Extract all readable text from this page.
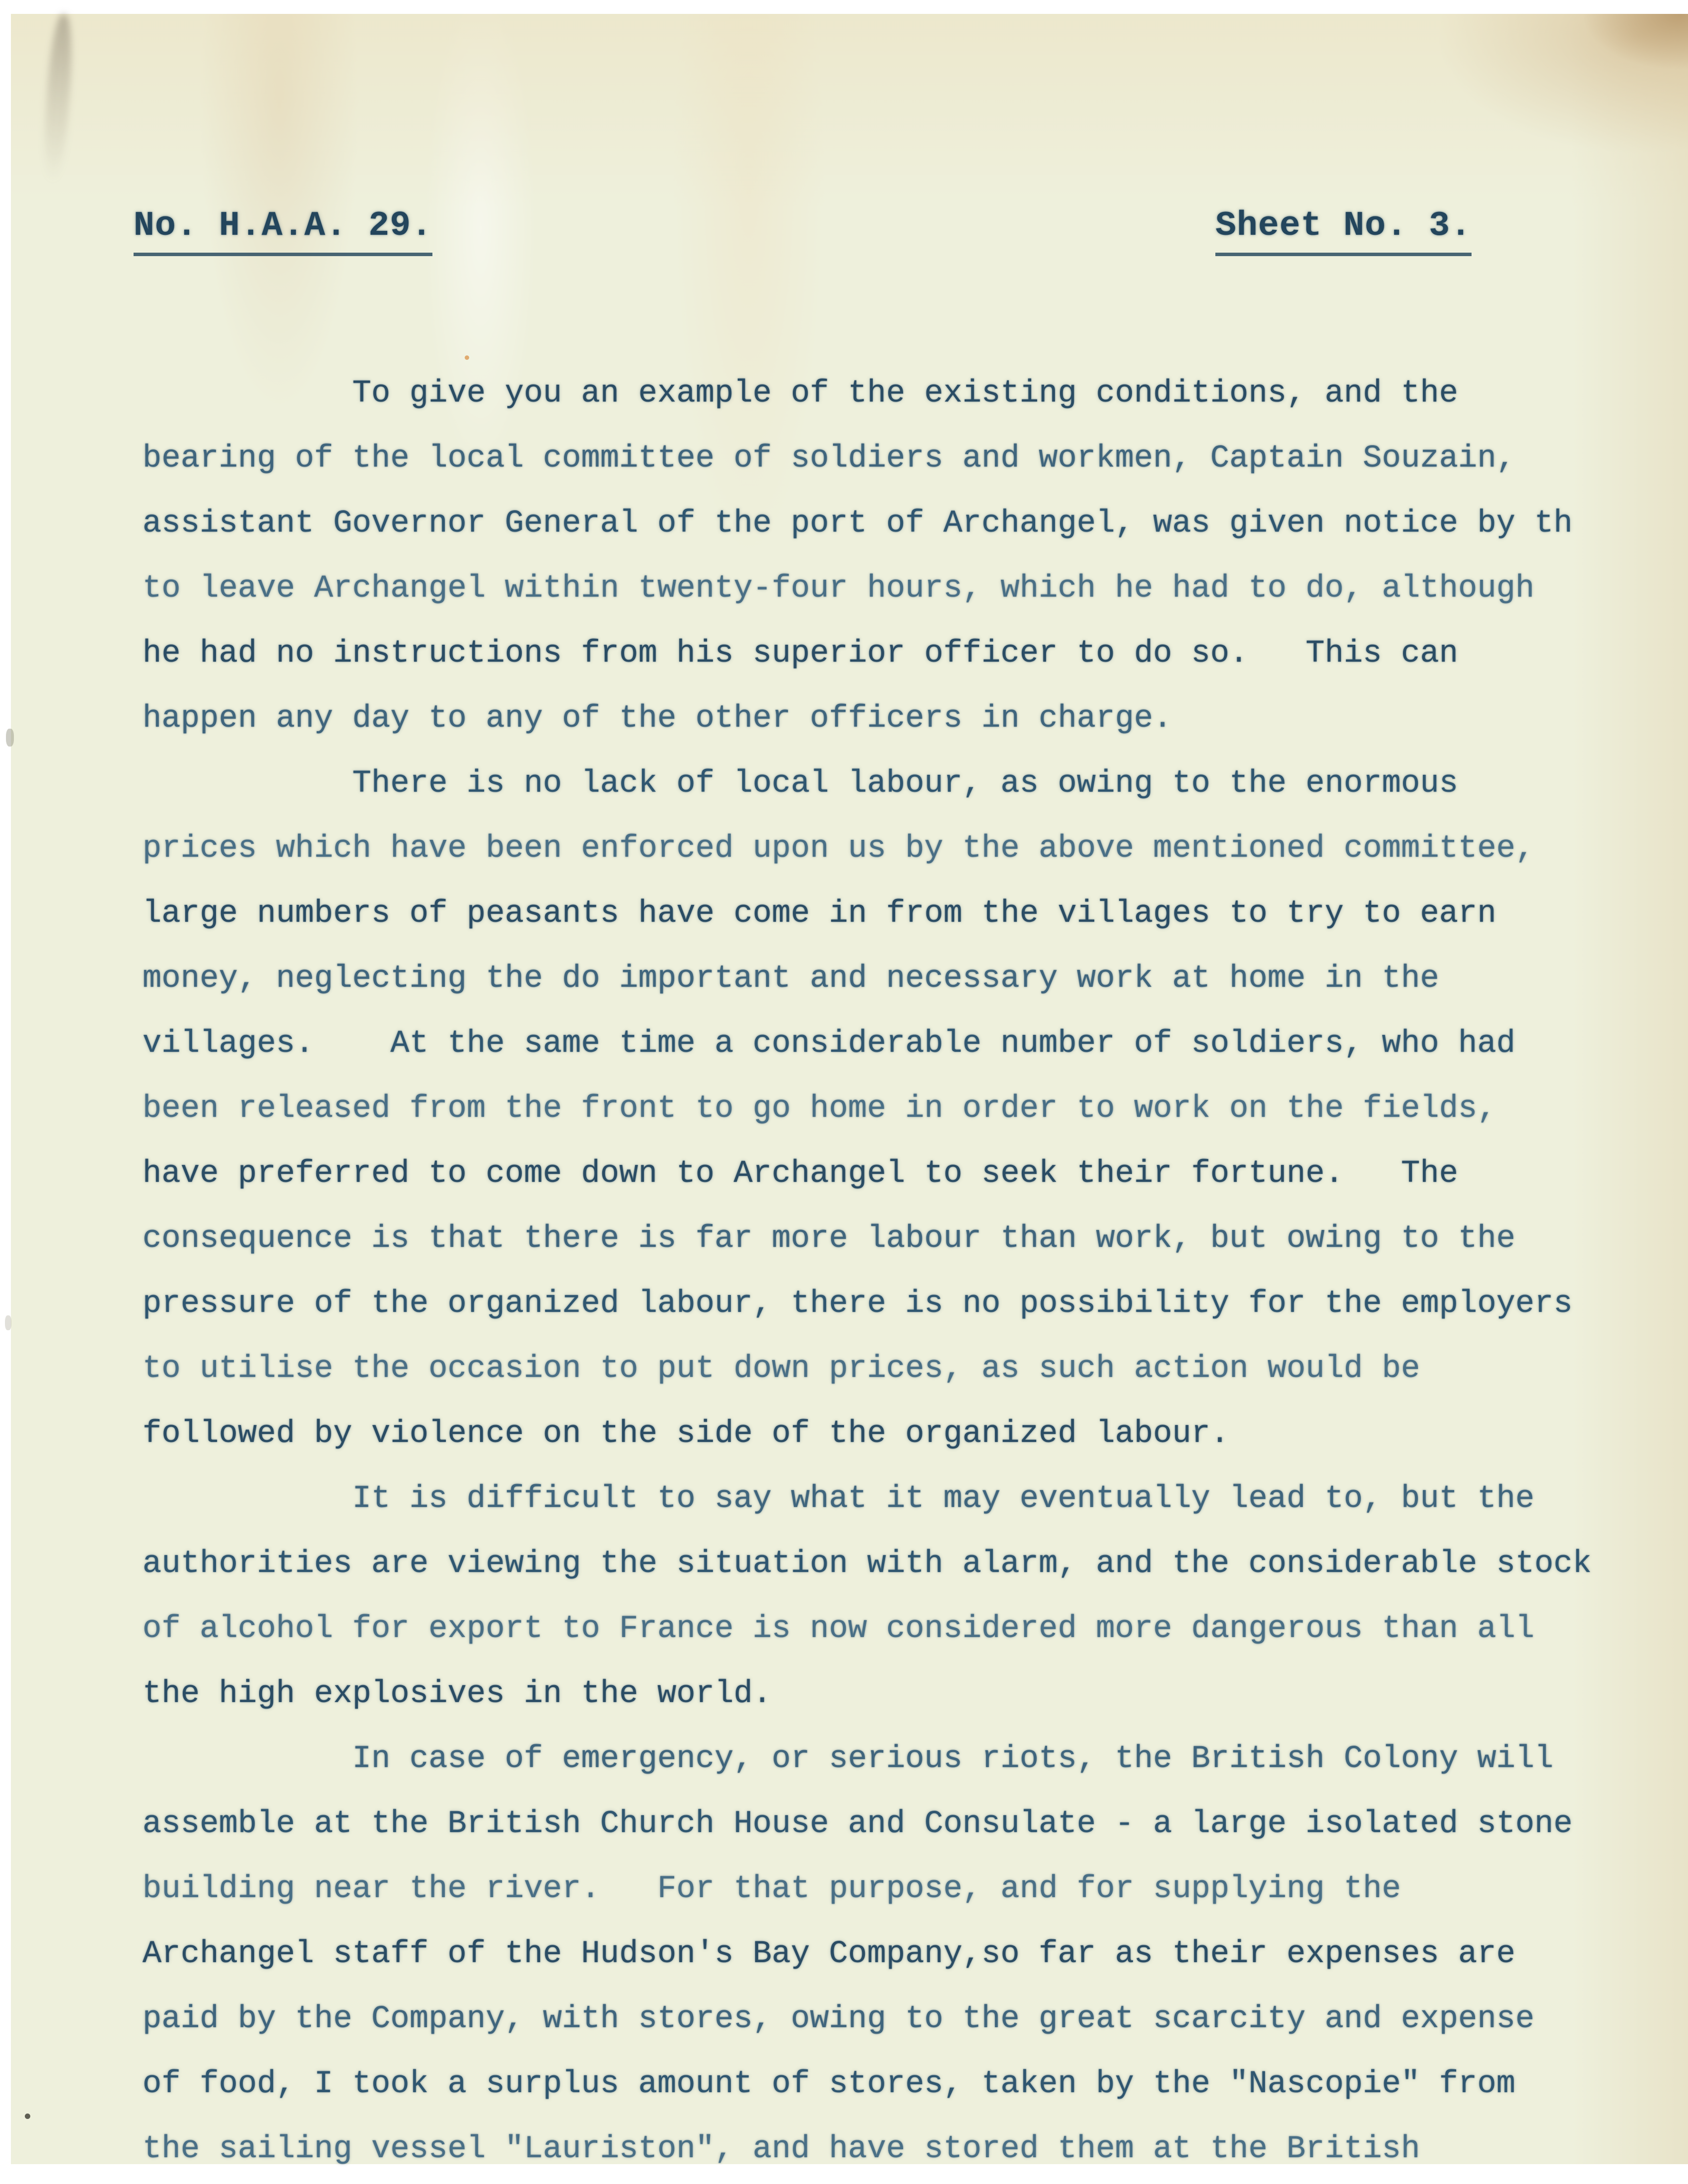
No. H.A.A. 29.	Sheet No. 3.
To give you an example of the existing conditions, and the
bearing of the local committee of soldiers and workmen, Captain Souzain,
assistant Governor General of the port of Archangel, was given notice by th
to leave Archangel within twenty-four hours, which he had to do, although
he had no instructions from his superior officer to do so.   This can
happen any day to any of the other officers in charge.
There is no lack of local labour, as owing to the enormous
prices which have been enforced upon us by the above mentioned committee,
large numbers of peasants have come in from the villages to try to earn
money, neglecting the do important and necessary work at home in the
villages.    At the same time a considerable number of soldiers, who had
been released from the front to go home in order to work on the fields,
have preferred to come down to Archangel to seek their fortune.   The
consequence is that there is far more labour than work, but owing to the
pressure of the organized labour, there is no possibility for the employers
to utilise the occasion to put down prices, as such action would be
followed by violence on the side of the organized labour.
It is difficult to say what it may eventually lead to, but the
authorities are viewing the situation with alarm, and the considerable stock
of alcohol for export to France is now considered more dangerous than all
the high explosives in the world.
In case of emergency, or serious riots, the British Colony will
assemble at the British Church House and Consulate - a large isolated stone
building near the river.   For that purpose, and for supplying the
Archangel staff of the Hudson's Bay Company,so far as their expenses are
paid by the Company, with stores, owing to the great scarcity and expense
of food, I took a surplus amount of stores, taken by the "Nascopie" from
the sailing vessel "Lauriston", and have stored them at the British
